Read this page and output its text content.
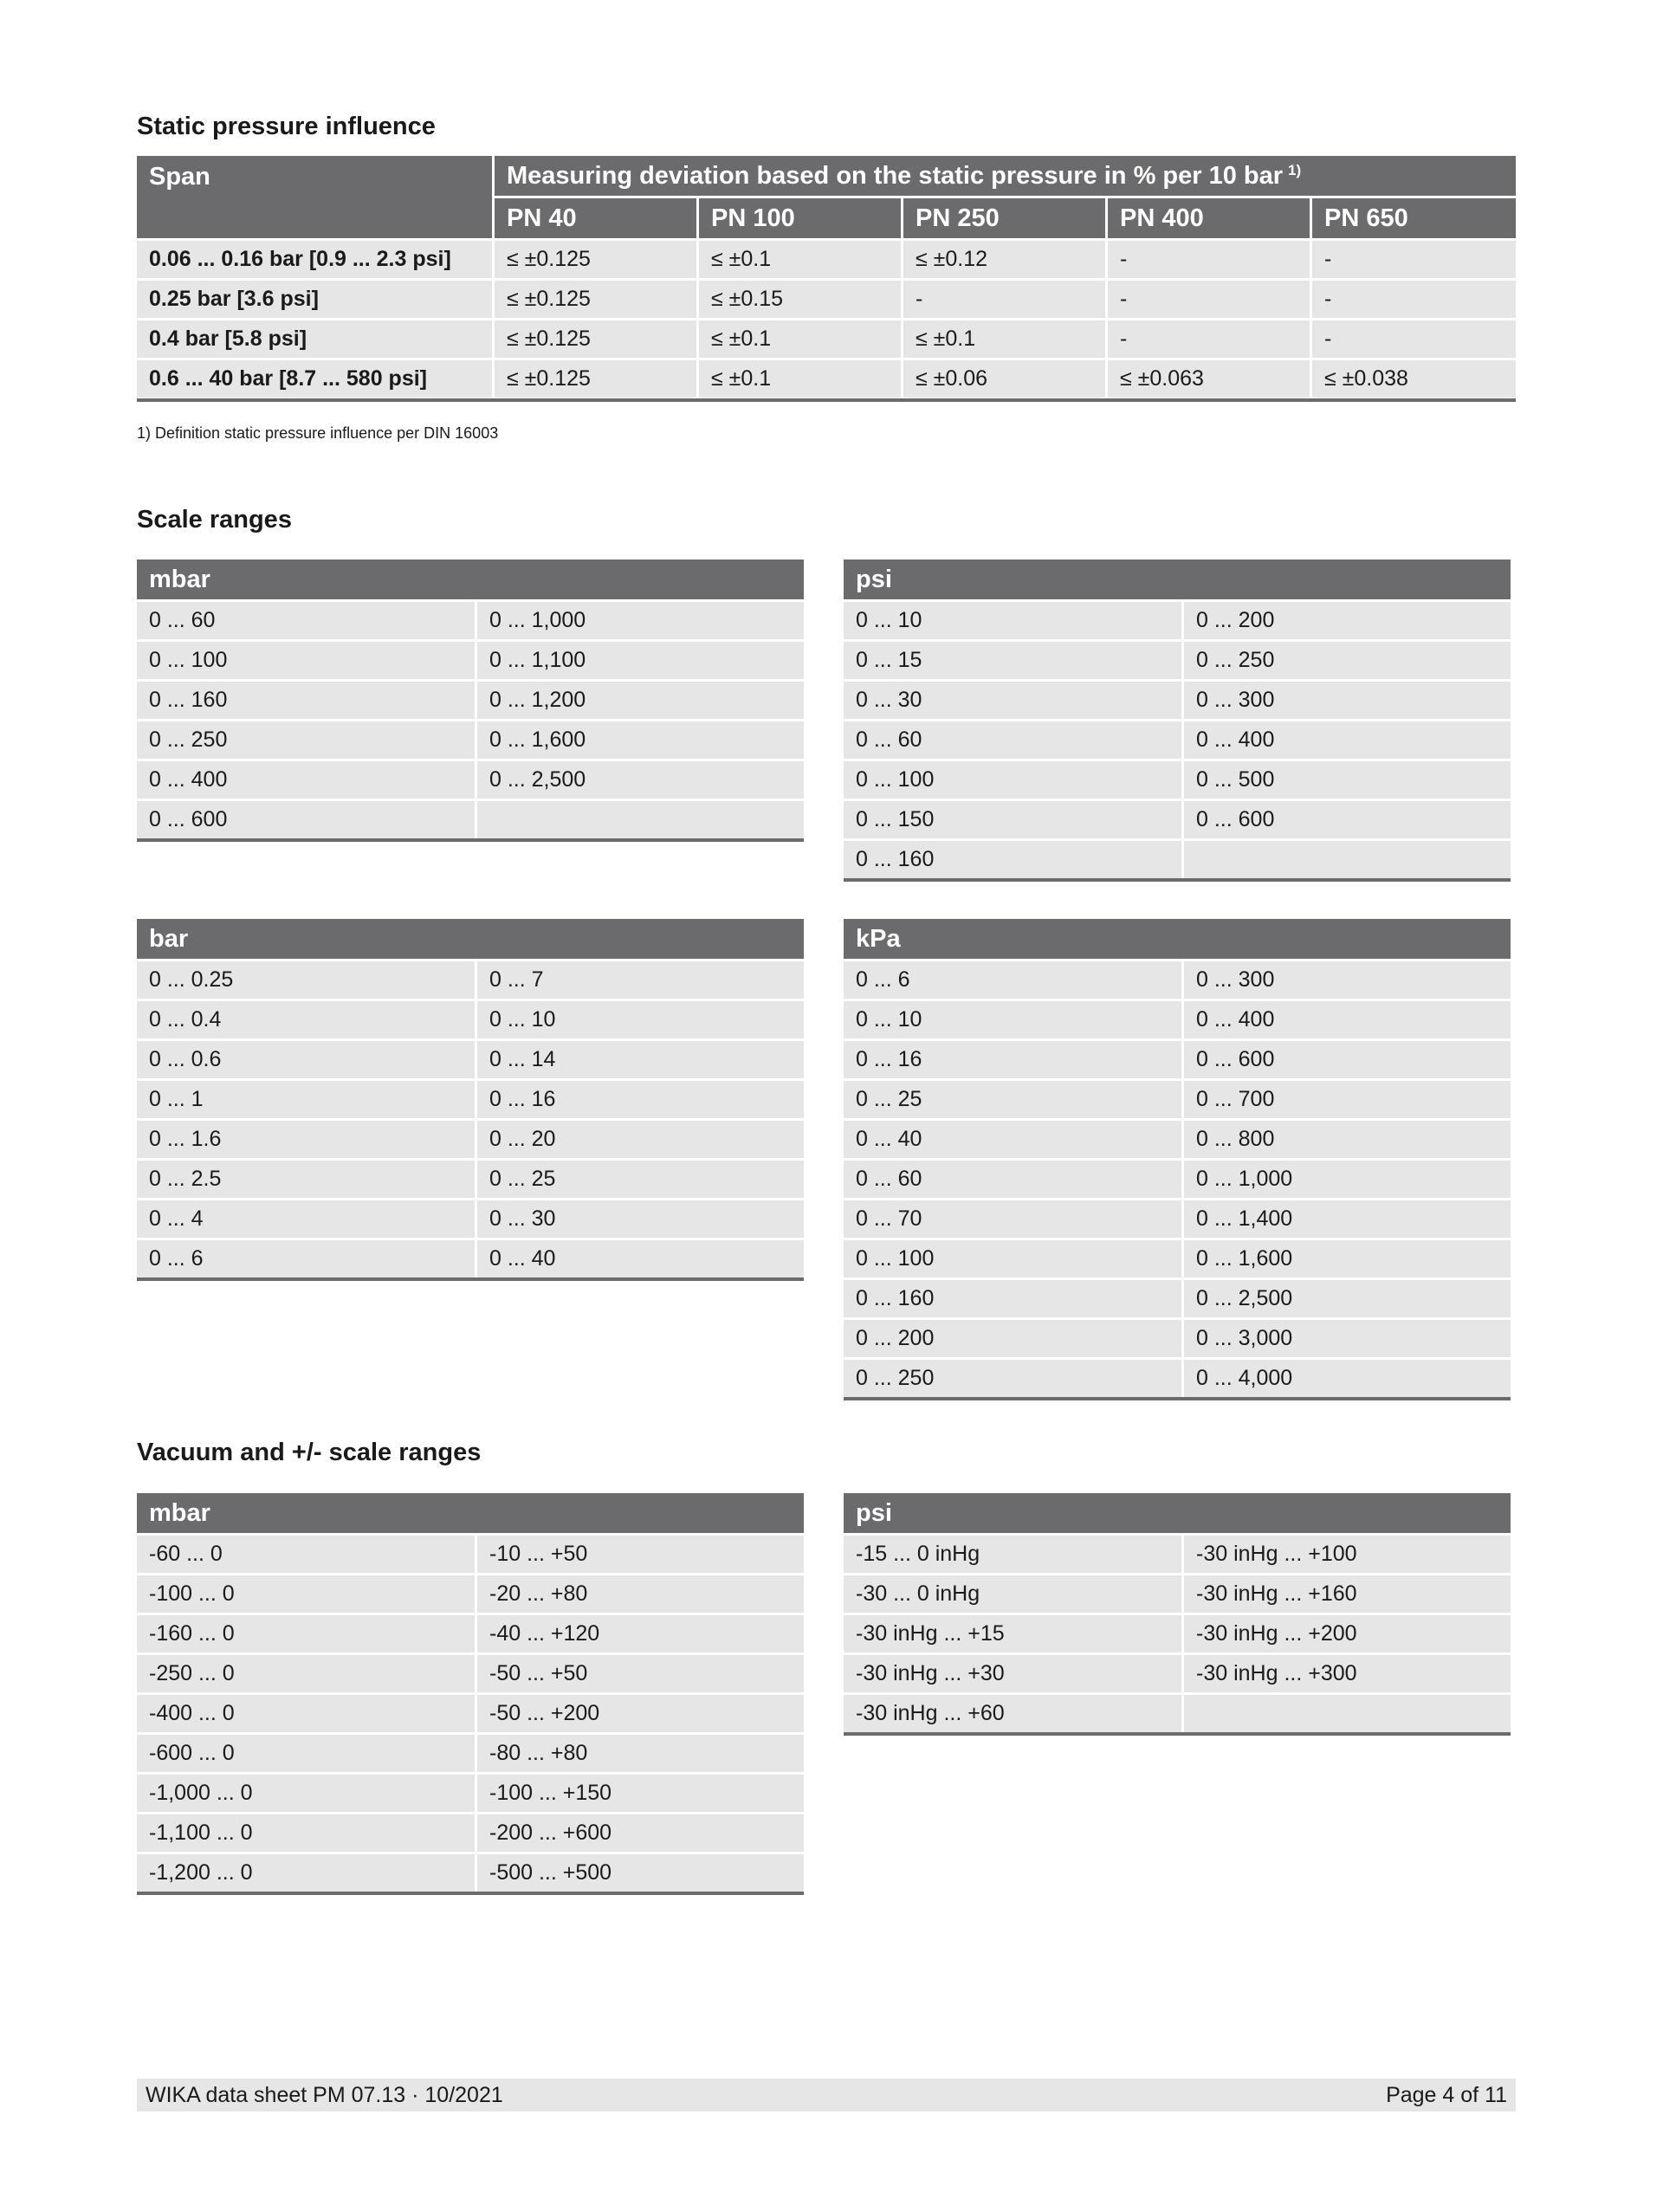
Static pressure influence
Span	Measuring deviation based on the static pressure in % per 10 bar $^{1)}$
PN 40	PN 100	PN 250	PN 400	PN 650
0.06 ... 0.16 bar [0.9 ... 2.3 psi]	≤ ±0.125	≤ ±0.1	≤ ±0.12	-	-
0.25 bar [3.6 psi]	≤ ±0.125	≤ ±0.15	-	-	-
0.4 bar [5.8 psi]	≤ ±0.125	≤ ±0.1	≤ ±0.1	-	-
0.6 ... 40 bar [8.7 ... 580 psi]	≤ ±0.125	≤ ±0.1	≤ ±0.06	≤ ±0.063	≤ ±0.038
1) Definition static pressure influence per DIN 16003
Scale ranges
mbar
0 ... 60	0 ... 1,000
0 ... 100	0 ... 1,100
0 ... 160	0 ... 1,200
0 ... 250	0 ... 1,600
0 ... 400	0 ... 2,500
0 ... 600
psi
0 ... 10	0 ... 200
0 ... 15	0 ... 250
0 ... 30	0 ... 300
0 ... 60	0 ... 400
0 ... 100	0 ... 500
0 ... 150	0 ... 600
0 ... 160
bar
0 ... 0.25	0 ... 7
0 ... 0.4	0 ... 10
0 ... 0.6	0 ... 14
0 ... 1	0 ... 16
0 ... 1.6	0 ... 20
0 ... 2.5	0 ... 25
0 ... 4	0 ... 30
0 ... 6	0 ... 40
kPa
0 ... 6	0 ... 300
0 ... 10	0 ... 400
0 ... 16	0 ... 600
0 ... 25	0 ... 700
0 ... 40	0 ... 800
0 ... 60	0 ... 1,000
0 ... 70	0 ... 1,400
0 ... 100	0 ... 1,600
0 ... 160	0 ... 2,500
0 ... 200	0 ... 3,000
0 ... 250	0 ... 4,000
Vacuum and +/- scale ranges
mbar
-60 ... 0	-10 ... +50
-100 ... 0	-20 ... +80
-160 ... 0	-40 ... +120
-250 ... 0	-50 ... +50
-400 ... 0	-50 ... +200
-600 ... 0	-80 ... +80
-1,000 ... 0	-100 ... +150
-1,100 ... 0	-200 ... +600
-1,200 ... 0	-500 ... +500
psi
-15 ... 0 inHg	-30 inHg ... +100
-30 ... 0 inHg	-30 inHg ... +160
-30 inHg ... +15	-30 inHg ... +200
-30 inHg ... +30	-30 inHg ... +300
-30 inHg ... +60
WIKA data sheet PM 07.13 · 10/2021	Page 4 of 11
